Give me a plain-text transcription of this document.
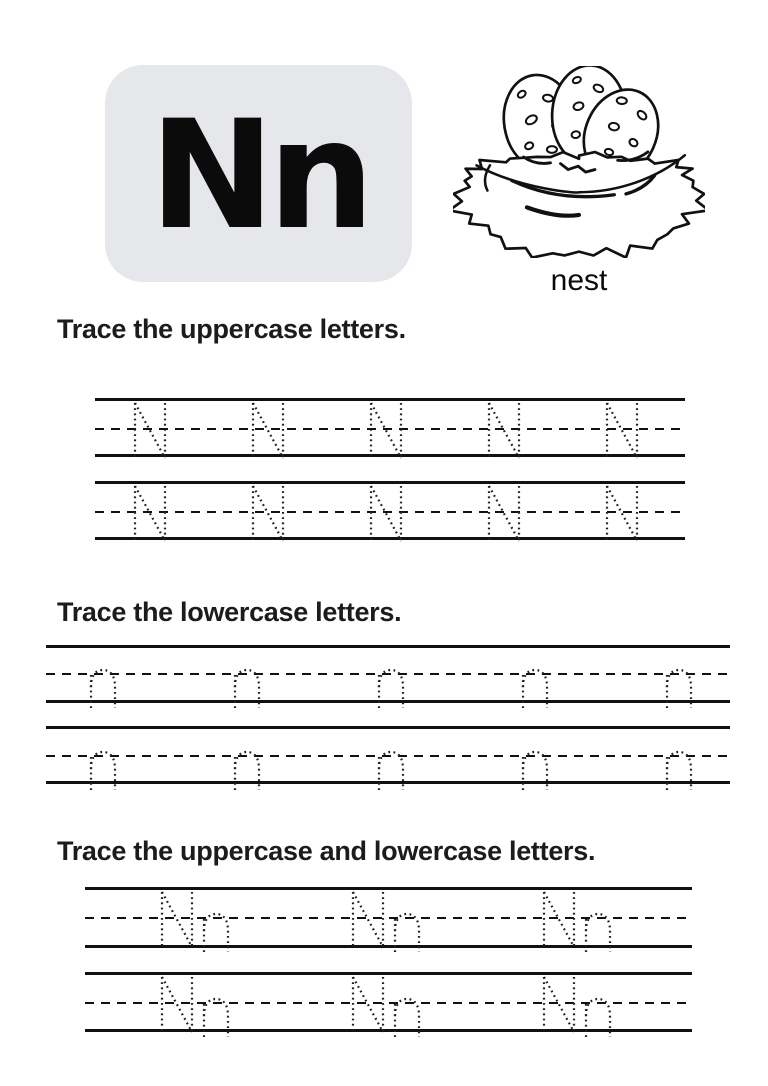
Nn
nest
Trace the uppercase letters.
Trace the lowercase letters.
Trace the uppercase and lowercase letters.
